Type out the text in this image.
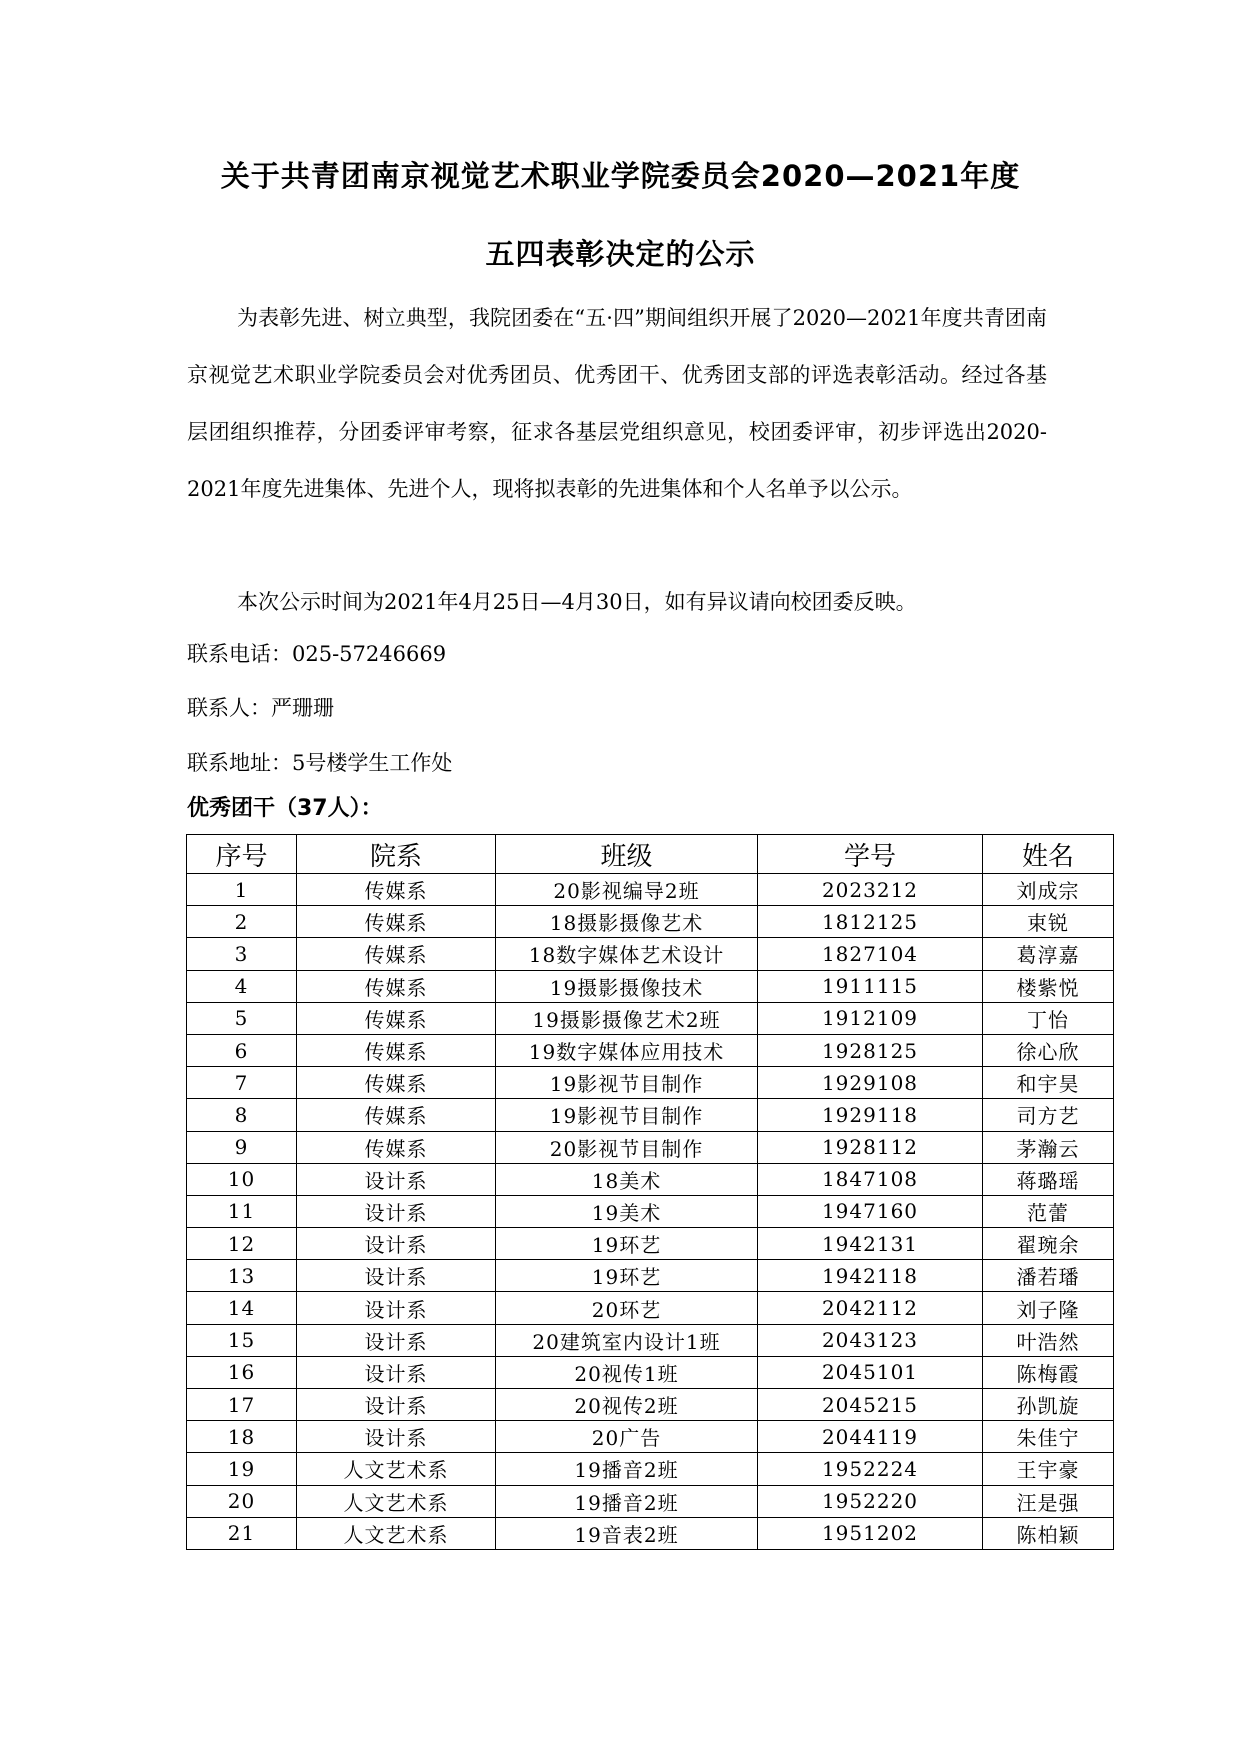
关于共青团南京视觉艺术职业学院委员会2020—2021年度
五四表彰决定的公示
为表彰先进、树立典型，我院团委在“五·四”期间组织开展了2020—2021年度共青团南京视觉艺术职业学院委员会对优秀团员、优秀团干、优秀团支部的评选表彰活动。经过各基层团组织推荐，分团委评审考察，征求各基层党组织意见，校团委评审，初步评选出2020-2021年度先进集体、先进个人，现将拟表彰的先进集体和个人名单予以公示。
本次公示时间为2021年4月25日—4月30日，如有异议请向校团委反映。
联系电话：025-57246669
联系人：严珊珊
联系地址：5号楼学生工作处
优秀团干（37人）：
序号	院系	班级	学号	姓名
1	传媒系	20影视编导2班	2023212	刘成宗
2	传媒系	18摄影摄像艺术	1812125	束锐
3	传媒系	18数字媒体艺术设计	1827104	葛淳嘉
4	传媒系	19摄影摄像技术	1911115	楼紫悦
5	传媒系	19摄影摄像艺术2班	1912109	丁怡
6	传媒系	19数字媒体应用技术	1928125	徐心欣
7	传媒系	19影视节目制作	1929108	和宇昊
8	传媒系	19影视节目制作	1929118	司方艺
9	传媒系	20影视节目制作	1928112	茅瀚云
10	设计系	18美术	1847108	蒋璐瑶
11	设计系	19美术	1947160	范蕾
12	设计系	19环艺	1942131	翟琬余
13	设计系	19环艺	1942118	潘若璠
14	设计系	20环艺	2042112	刘子隆
15	设计系	20建筑室内设计1班	2043123	叶浩然
16	设计系	20视传1班	2045101	陈梅霞
17	设计系	20视传2班	2045215	孙凯旋
18	设计系	20广告	2044119	朱佳宁
19	人文艺术系	19播音2班	1952224	王宇豪
20	人文艺术系	19播音2班	1952220	汪是强
21	人文艺术系	19音表2班	1951202	陈柏颖
